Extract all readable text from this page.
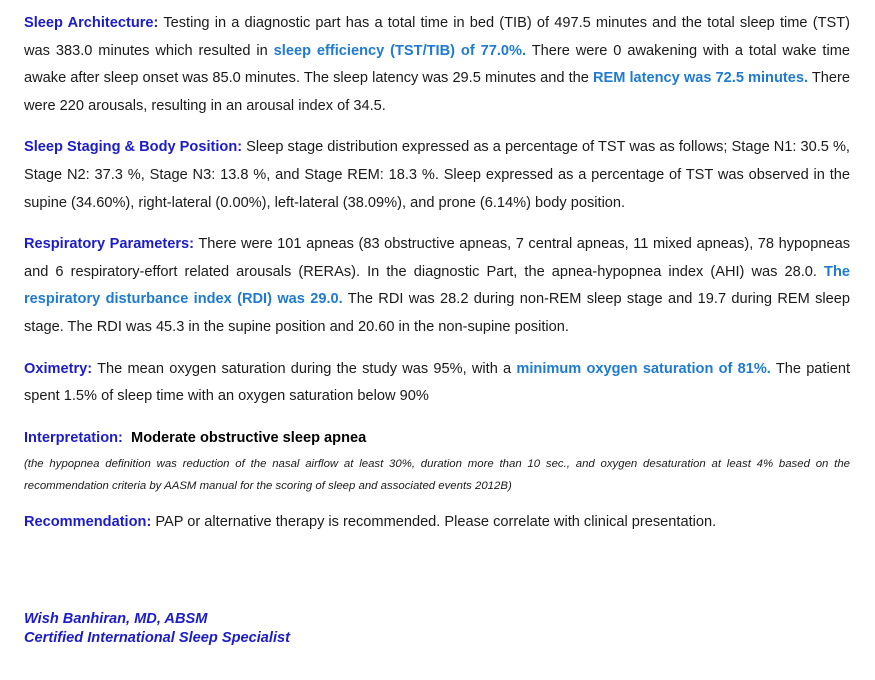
Sleep Architecture: Testing in a diagnostic part has a total time in bed (TIB) of 497.5 minutes and the total sleep time (TST) was 383.0 minutes which resulted in sleep efficiency (TST/TIB) of 77.0%. There were 0 awakening with a total wake time awake after sleep onset was 85.0 minutes. The sleep latency was 29.5 minutes and the REM latency was 72.5 minutes. There were 220 arousals, resulting in an arousal index of 34.5.

Sleep Staging & Body Position: Sleep stage distribution expressed as a percentage of TST was as follows; Stage N1: 30.5 %, Stage N2: 37.3 %, Stage N3: 13.8 %, and Stage REM: 18.3 %. Sleep expressed as a percentage of TST was observed in the supine (34.60%), right-lateral (0.00%), left-lateral (38.09%), and prone (6.14%) body position.

Respiratory Parameters: There were 101 apneas (83 obstructive apneas, 7 central apneas, 11 mixed apneas), 78 hypopneas and 6 respiratory-effort related arousals (RERAs). In the diagnostic Part, the apnea-hypopnea index (AHI) was 28.0. The respiratory disturbance index (RDI) was 29.0. The RDI was 28.2 during non-REM sleep stage and 19.7 during REM sleep stage. The RDI was 45.3 in the supine position and 20.60 in the non-supine position.

Oximetry: The mean oxygen saturation during the study was 95%, with a minimum oxygen saturation of 81%. The patient spent 1.5% of sleep time with an oxygen saturation below 90%

Interpretation: Moderate obstructive sleep apnea

(the hypopnea definition was reduction of the nasal airflow at least 30%, duration more than 10 sec., and oxygen desaturation at least 4% based on the recommendation criteria by AASM manual for the scoring of sleep and associated events 2012B)

Recommendation: PAP or alternative therapy is recommended. Please correlate with clinical presentation.

Wish Banhiran, MD, ABSM
Certified International Sleep Specialist
